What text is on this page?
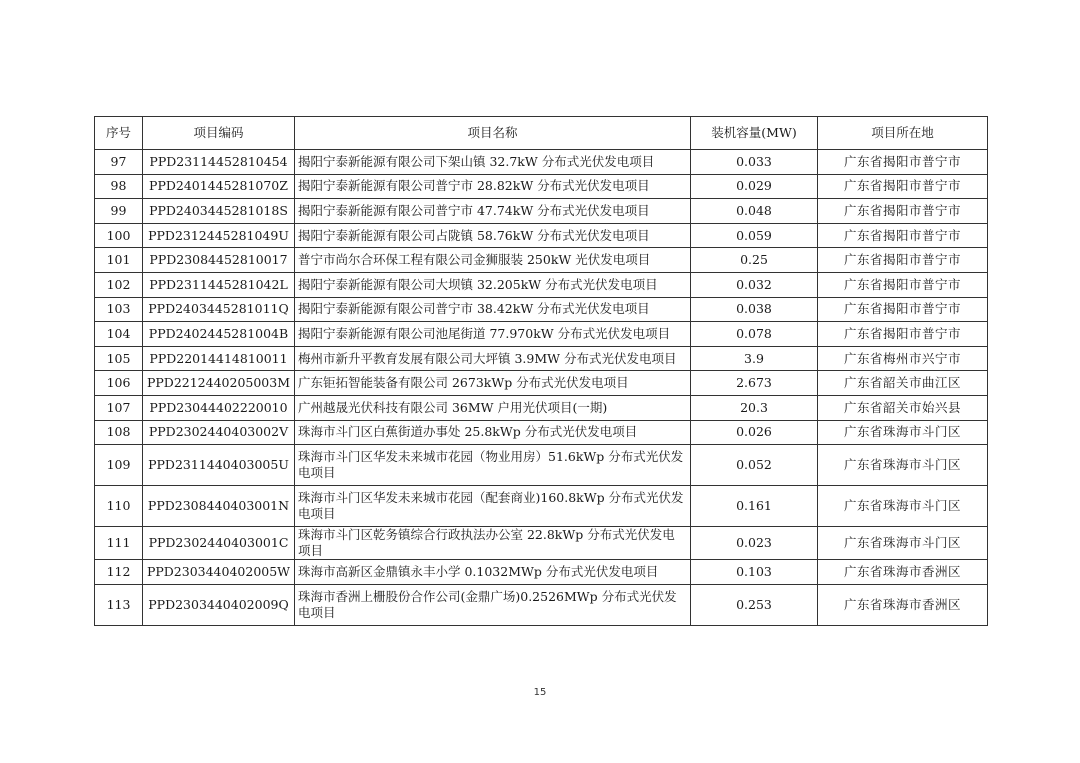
序号	项目编码	项目名称	装机容量(MW)	项目所在地
97	PPD23114452810454	揭阳宁泰新能源有限公司下架山镇 32.7kW 分布式光伏发电项目	0.033	广东省揭阳市普宁市
98	PPD2401445281070Z	揭阳宁泰新能源有限公司普宁市 28.82kW 分布式光伏发电项目	0.029	广东省揭阳市普宁市
99	PPD2403445281018S	揭阳宁泰新能源有限公司普宁市 47.74kW 分布式光伏发电项目	0.048	广东省揭阳市普宁市
100	PPD2312445281049U	揭阳宁泰新能源有限公司占陇镇 58.76kW 分布式光伏发电项目	0.059	广东省揭阳市普宁市
101	PPD23084452810017	普宁市尚尔合环保工程有限公司金狮服装 250kW 光伏发电项目	0.25	广东省揭阳市普宁市
102	PPD2311445281042L	揭阳宁泰新能源有限公司大坝镇 32.205kW 分布式光伏发电项目	0.032	广东省揭阳市普宁市
103	PPD2403445281011Q	揭阳宁泰新能源有限公司普宁市 38.42kW 分布式光伏发电项目	0.038	广东省揭阳市普宁市
104	PPD2402445281004B	揭阳宁泰新能源有限公司池尾街道 77.970kW 分布式光伏发电项目	0.078	广东省揭阳市普宁市
105	PPD22014414810011	梅州市新升平教育发展有限公司大坪镇 3.9MW 分布式光伏发电项目	3.9	广东省梅州市兴宁市
106	PPD2212440205003M	广东钜拓智能装备有限公司 2673kWp 分布式光伏发电项目	2.673	广东省韶关市曲江区
107	PPD23044402220010	广州越晟光伏科技有限公司 36MW 户用光伏项目(一期)	20.3	广东省韶关市始兴县
108	PPD2302440403002V	珠海市斗门区白蕉街道办事处 25.8kWp 分布式光伏发电项目	0.026	广东省珠海市斗门区
109	PPD2311440403005U	珠海市斗门区华发未来城市花园（物业用房）51.6kWp 分布式光伏发电项目	0.052	广东省珠海市斗门区
110	PPD2308440403001N	珠海市斗门区华发未来城市花园（配套商业)160.8kWp 分布式光伏发电项目	0.161	广东省珠海市斗门区
111	PPD2302440403001C	珠海市斗门区乾务镇综合行政执法办公室 22.8kWp 分布式光伏发电项目	0.023	广东省珠海市斗门区
112	PPD2303440402005W	珠海市高新区金鼎镇永丰小学 0.1032MWp 分布式光伏发电项目	0.103	广东省珠海市香洲区
113	PPD2303440402009Q	珠海市香洲上栅股份合作公司(金鼎广场)0.2526MWp 分布式光伏发电项目	0.253	广东省珠海市香洲区
15
